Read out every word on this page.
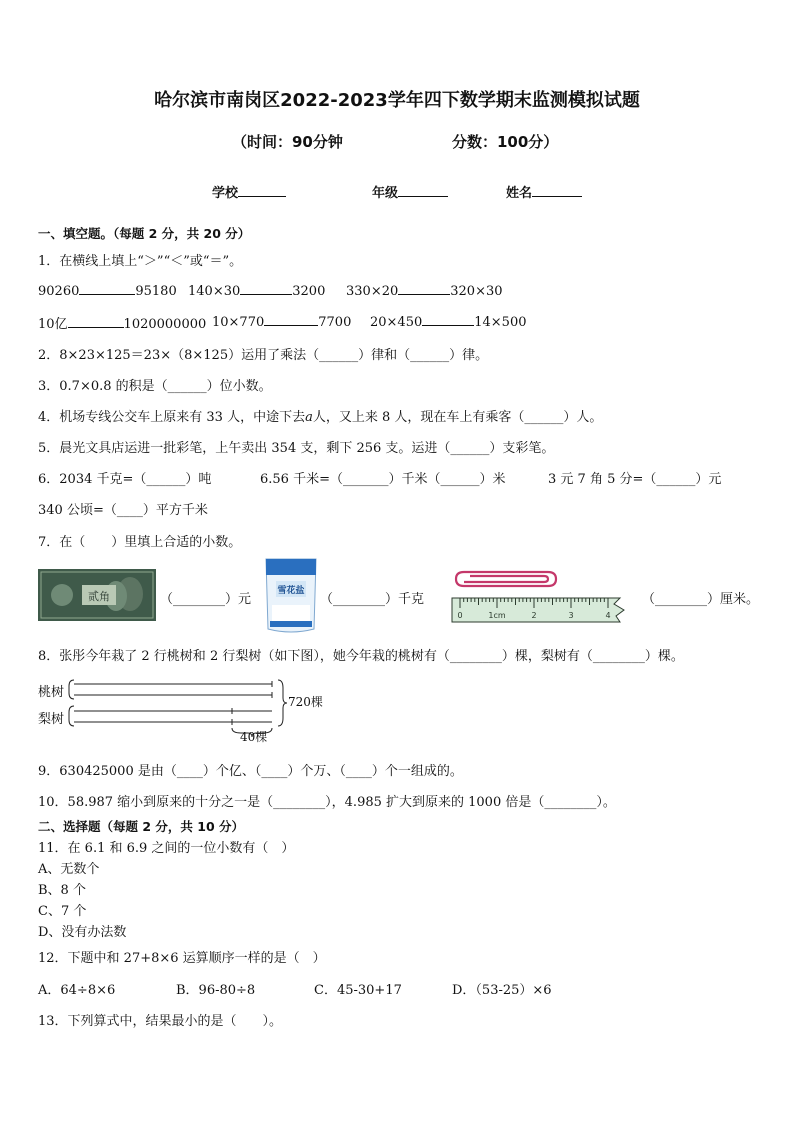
哈尔滨市南岗区2022-2023学年四下数学期末监测模拟试题
（时间：90分钟	分数：100分）
学校	年级	姓名
一、填空题。（每题 2 分，共 20 分）
1．在横线上填上“＞”“＜”或“＝”。
90260	95180 140×30	3200 330×20	320×30
10亿	1020000000 10×770	7700 20×450	14×500
2．8×23×125＝23×（8×125）运用了乘法（______）律和（______）律。
3．0.7×0.8 的积是（______）位小数。
4．机场专线公交车上原来有 33 人，中途下去a人，又上来 8 人，现在车上有乘客（______）人。
5．晨光文具店运进一批彩笔，上午卖出 354 支，剩下 256 支。运进（______）支彩笔。
6．2034 千克=（______）吨	6.56 千米=（_______）千米（______）米	3 元 7 角 5 分=（______）元
340 公顷=（____）平方千米
7．在（　　）里填上合适的小数。
贰角	（________）元
雪花盐
（________）千克
0	1cm	2	3	4
（________）厘米。
8．张彤今年栽了 2 行桃树和 2 行梨树（如下图），她今年栽的桃树有（________）棵，梨树有（________）棵。
桃树
梨树
720棵
40棵
9．630425000 是由（____）个亿、（____）个万、（____）个一组成的。
10．58.987 缩小到原来的十分之一是（________），4.985 扩大到原来的 1000 倍是（________）。
二、选择题（每题 2 分，共 10 分）
11．在 6.1 和 6.9 之间的一位小数有（　）
A、无数个
B、8 个
C、7 个
D、没有办法数
12．下题中和 27+8×6 运算顺序一样的是（　）
A．64÷8×6	B．96-80÷8	C．45-30+17	D．（53-25）×6
13．下列算式中，结果最小的是（　　）。
